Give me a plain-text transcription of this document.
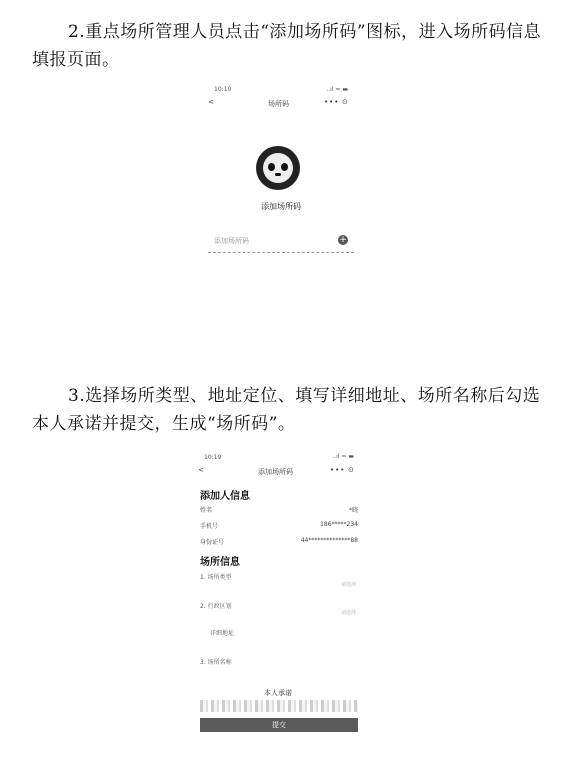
2.重点场所管理人员点击“添加场所码”图标，进入场所码信息填报页面。
10:10	..ıl ≈ ▬
<	场所码	••• ⊙
添加场所码
添加场所码	+
3.选择场所类型、地址定位、填写详细地址、场所名称后勾选本人承诺并提交，生成“场所码”。
10:19	..ıl ≈ ▬
<	添加场所码	••• ⊙
添加人信息
姓名	*晓
手机号	186*****234
身份证号	44**************88
场所信息
1. 场所类型
请选择
2. 行政区划
请选择
详细地址
3. 场所名称
本人承诺
提交
